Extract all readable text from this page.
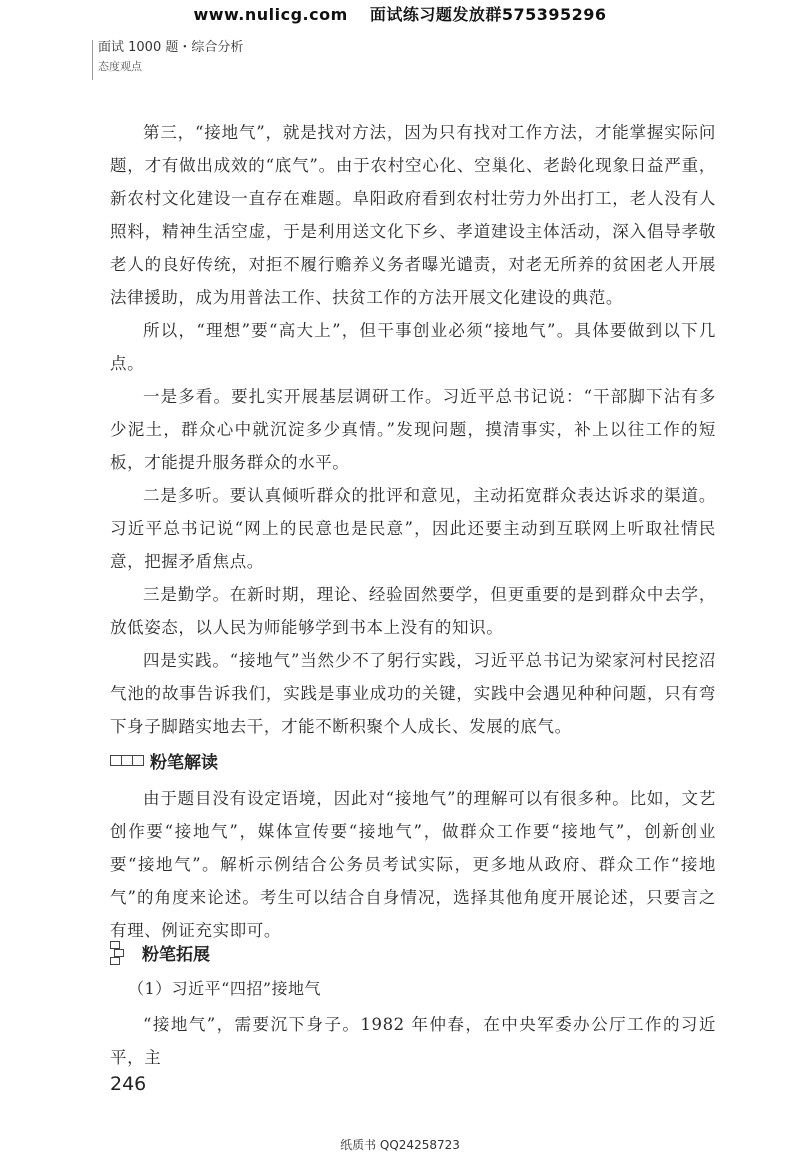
www.nulicg.com 面试练习题发放群575395296
面试 1000 题・综合分析
态度观点

第三，“接地气”，就是找对方法，因为只有找对工作方法，才能掌握实际问题，才有做出成效的“底气”。由于农村空心化、空巢化、老龄化现象日益严重，新农村文化建设一直存在难题。阜阳政府看到农村壮劳力外出打工，老人没有人照料，精神生活空虚，于是利用送文化下乡、孝道建设主体活动，深入倡导孝敬老人的良好传统，对拒不履行赡养义务者曝光谴责，对老无所养的贫困老人开展法律援助，成为用普法工作、扶贫工作的方法开展文化建设的典范。

所以，“理想”要“高大上”，但干事创业必须“接地气”。具体要做到以下几点。

一是多看。要扎实开展基层调研工作。习近平总书记说：“干部脚下沾有多少泥土，群众心中就沉淀多少真情。”发现问题，摸清事实，补上以往工作的短板，才能提升服务群众的水平。

二是多听。要认真倾听群众的批评和意见，主动拓宽群众表达诉求的渠道。习近平总书记说“网上的民意也是民意”，因此还要主动到互联网上听取社情民意，把握矛盾焦点。

三是勤学。在新时期，理论、经验固然要学，但更重要的是到群众中去学，放低姿态，以人民为师能够学到书本上没有的知识。

四是实践。“接地气”当然少不了躬行实践，习近平总书记为梁家河村民挖沼气池的故事告诉我们，实践是事业成功的关键，实践中会遇见种种问题，只有弯下身子脚踏实地去干，才能不断积聚个人成长、发展的底气。

粉笔解读

由于题目没有设定语境，因此对“接地气”的理解可以有很多种。比如，文艺创作要“接地气”，媒体宣传要“接地气”，做群众工作要“接地气”，创新创业要“接地气”。解析示例结合公务员考试实际，更多地从政府、群众工作“接地气”的角度来论述。考生可以结合自身情况，选择其他角度开展论述，只要言之有理、例证充实即可。

粉笔拓展
（1）习近平“四招”接地气

“接地气”，需要沉下身子。1982 年仲春，在中央军委办公厅工作的习近平，主

246
纸质书 QQ24258723
